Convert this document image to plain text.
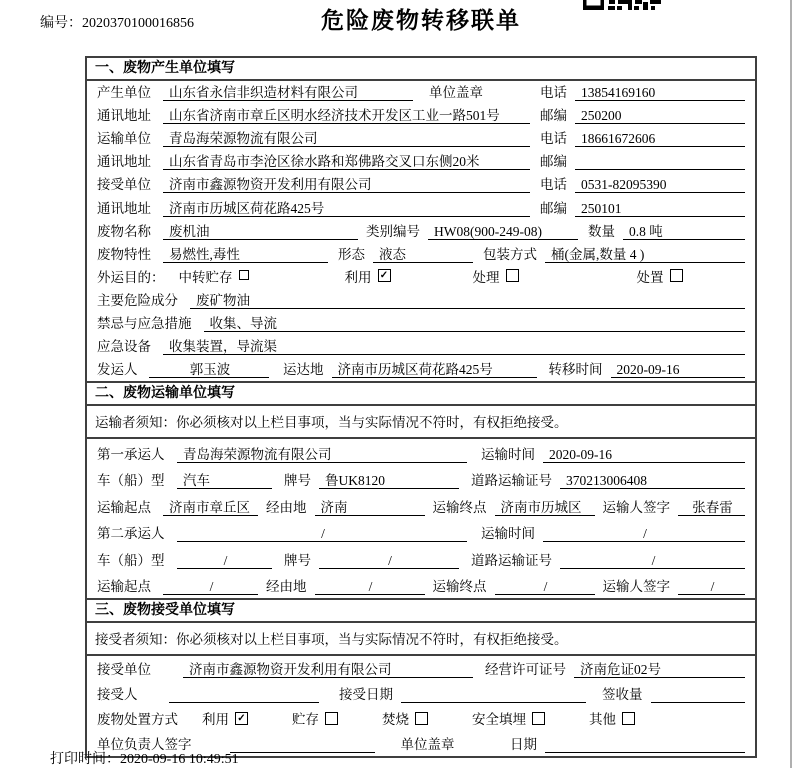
编号：2020370100016856	危险废物转移联单
一、废物产生单位填写
产生单位	山东省永信非织造材料有限公司	单位盖章	电话	13854169160
通讯地址	山东省济南市章丘区明水经济技术开发区工业一路501号	邮编	250200
运输单位	青岛海荣源物流有限公司	电话	18661672606
通讯地址	山东省青岛市李沧区徐水路和郑佛路交叉口东侧20米	邮编
接受单位	济南市鑫源物资开发利用有限公司	电话	0531-82095390
通讯地址	济南市历城区荷花路425号	邮编	250101
废物名称	废机油	类别编号	HW08(900-249-08)	数量	0.8 吨
废物特性	易燃性,毒性	形态	液态	包装方式	桶(金属,数量 4 )
外运目的： 中转贮存	利用 ✓	处理	处置
主要危险成分	废矿物油
禁忌与应急措施	收集、导流
应急设备	收集装置，导流渠
发运人	郭玉波	运达地	济南市历城区荷花路425号	转移时间	2020-09-16
二、废物运输单位填写
运输者须知：你必须核对以上栏目事项，当与实际情况不符时，有权拒绝接受。
第一承运人	青岛海荣源物流有限公司	运输时间	2020-09-16
车（船）型	汽车	牌号	鲁UK8120	道路运输证号	370213006408
运输起点	济南市章丘区	经由地	济南	运输终点	济南市历城区	运输人签字	张春雷
第二承运人	/	运输时间	/
车（船）型	/	牌号	/	道路运输证号	/
运输起点	/	经由地	/	运输终点	/	运输人签字	/
三、废物接受单位填写
接受者须知：你必须核对以上栏目事项，当与实际情况不符时，有权拒绝接受。
接受单位	济南市鑫源物资开发利用有限公司	经营许可证号	济南危证02号
接受人	接受日期	签收量
废物处置方式 利用 ✓	贮存	焚烧	安全填埋	其他
单位负责人签字	单位盖章	日期
打印时间：2020-09-16 10:49:51
